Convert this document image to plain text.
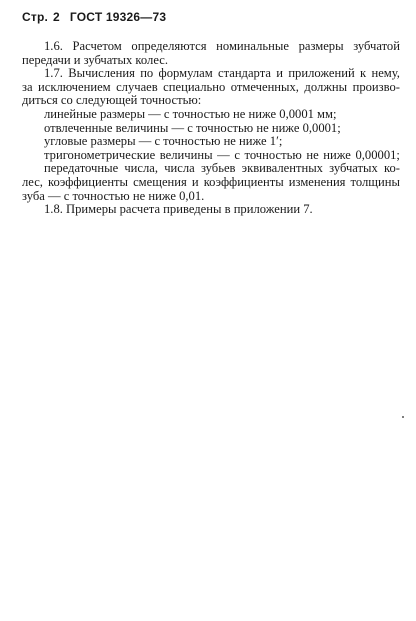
Стр. 2 ГОСТ 19326—73
1.6. Расчетом определяются номинальные размеры зубчатой
передачи и зубчатых колес.
1.7. Вычисления по формулам стандарта и приложений к нему,
за исключением случаев специально отмеченных, должны произво-
диться со следующей точностью:
линейные размеры — с точностью не ниже 0,0001 мм;
отвлеченные величины — с точностью не ниже 0,0001;
угловые размеры — с точностью не ниже 1′;
тригонометрические величины — с точностью не ниже 0,00001;
передаточные числа, числа зубьев эквивалентных зубчатых ко-
лес, коэффициенты смещения и коэффициенты изменения толщины
зуба — с точностью не ниже 0,01.
1.8. Примеры расчета приведены в приложении 7.
